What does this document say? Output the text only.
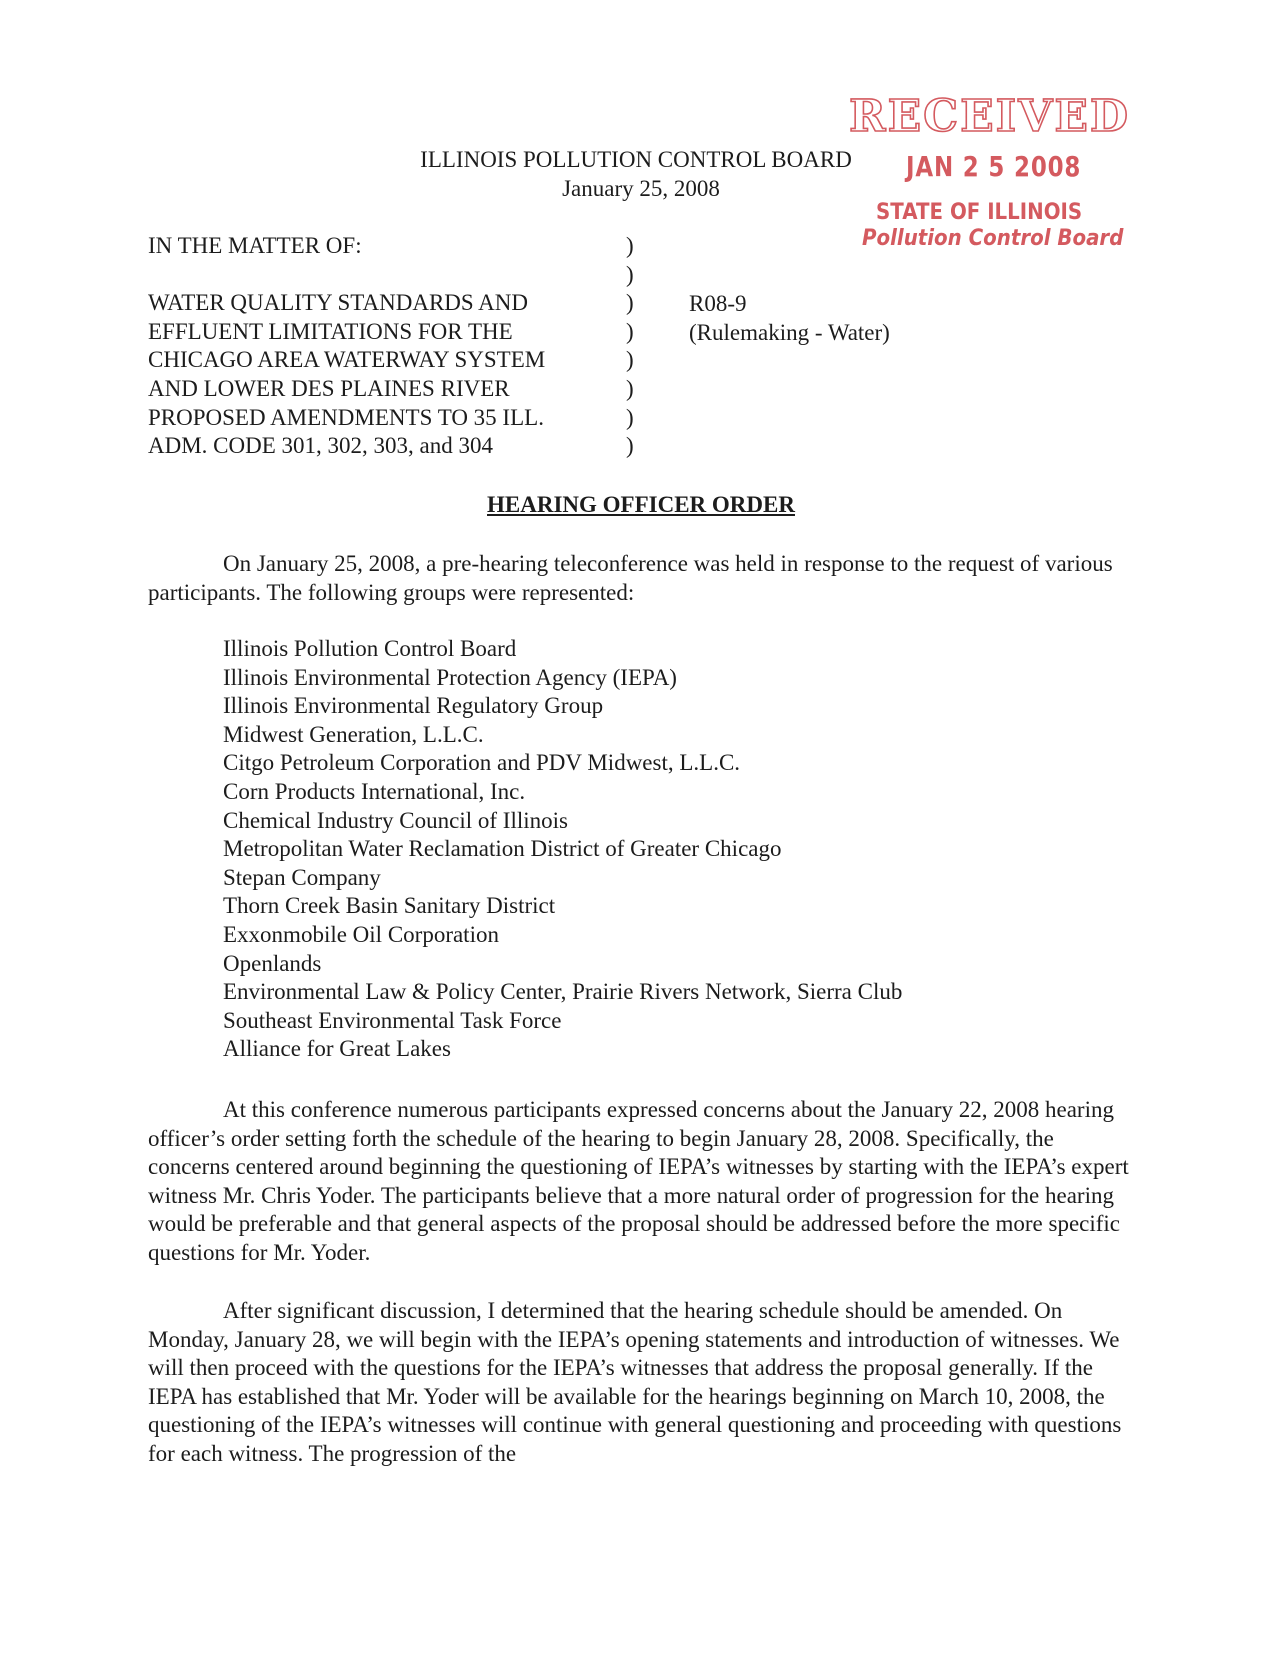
RECEIVED
JAN 2 5 2008
STATE OF ILLINOIS
Pollution Control Board
ILLINOIS POLLUTION CONTROL BOARD
January 25, 2008
IN THE MATTER OF:
WATER QUALITY STANDARDS AND
EFFLUENT LIMITATIONS FOR THE
CHICAGO AREA WATERWAY SYSTEM
AND LOWER DES PLAINES RIVER
PROPOSED AMENDMENTS TO 35 ILL.
ADM. CODE 301, 302, 303, and 304
)
)
)
)
)
)
)
)
R08-9
(Rulemaking - Water)
HEARING OFFICER ORDER

On January 25, 2008, a pre-hearing teleconference was held in response to the request of various participants. The following groups were represented:

Illinois Pollution Control Board
Illinois Environmental Protection Agency (IEPA)
Illinois Environmental Regulatory Group
Midwest Generation, L.L.C.
Citgo Petroleum Corporation and PDV Midwest, L.L.C.
Corn Products International, Inc.
Chemical Industry Council of Illinois
Metropolitan Water Reclamation District of Greater Chicago
Stepan Company
Thorn Creek Basin Sanitary District
Exxonmobile Oil Corporation
Openlands
Environmental Law & Policy Center, Prairie Rivers Network, Sierra Club
Southeast Environmental Task Force
Alliance for Great Lakes

At this conference numerous participants expressed concerns about the January 22, 2008 hearing officer’s order setting forth the schedule of the hearing to begin January 28, 2008. Specifically, the concerns centered around beginning the questioning of IEPA’s witnesses by starting with the IEPA’s expert witness Mr. Chris Yoder. The participants believe that a more natural order of progression for the hearing would be preferable and that general aspects of the proposal should be addressed before the more specific questions for Mr. Yoder.

After significant discussion, I determined that the hearing schedule should be amended. On Monday, January 28, we will begin with the IEPA’s opening statements and introduction of witnesses. We will then proceed with the questions for the IEPA’s witnesses that address the proposal generally. If the IEPA has established that Mr. Yoder will be available for the hearings beginning on March 10, 2008, the questioning of the IEPA’s witnesses will continue with general questioning and proceeding with questions for each witness. The progression of the
